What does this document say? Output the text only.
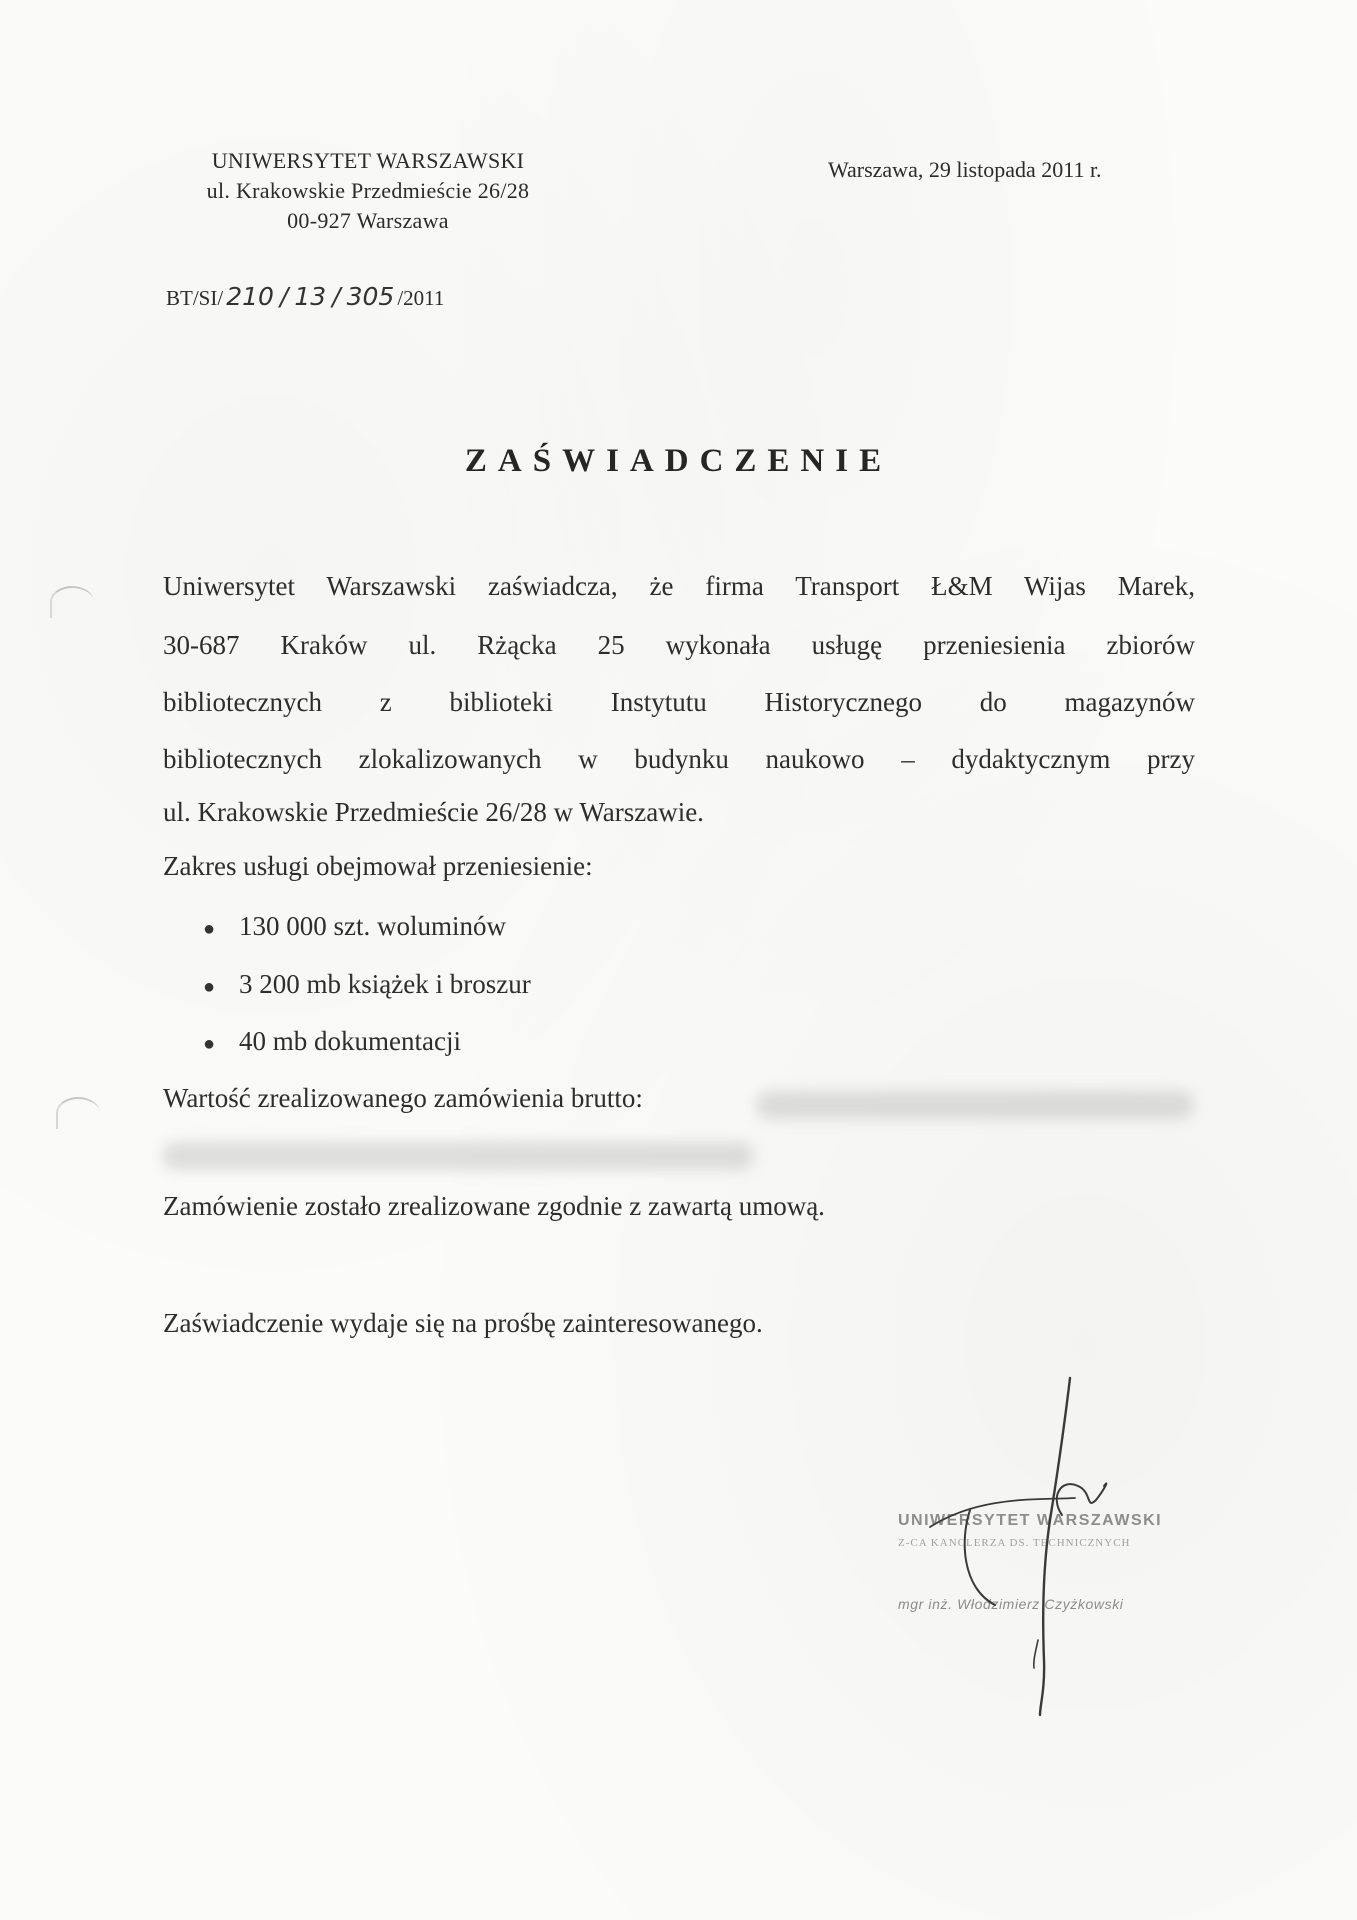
UNIWERSYTET WARSZAWSKI
ul. Krakowskie Przedmieście 26/28
00-927 Warszawa
Warszawa, 29 listopada 2011 r.
BT/SI/ 210 / 13 / 305 /2011
ZAŚWIADCZENIE
Uniwersytet Warszawski zaświadcza, że firma Transport Ł&M Wijas Marek,
30-687 Kraków ul. Rżącka 25 wykonała usługę przeniesienia zbiorów
bibliotecznych z biblioteki Instytutu Historycznego do magazynów
bibliotecznych zlokalizowanych w budynku naukowo – dydaktycznym przy
ul. Krakowskie Przedmieście 26/28 w Warszawie.
Zakres usługi obejmował przeniesienie:
● 130 000 szt. woluminów
● 3 200 mb książek i broszur
● 40 mb dokumentacji
Wartość zrealizowanego zamówienia brutto:
Zamówienie zostało zrealizowane zgodnie z zawartą umową.
Zaświadczenie wydaje się na prośbę zainteresowanego.
UNIWERSYTET WARSZAWSKI
Z-CA KANCLERZA DS. TECHNICZNYCH
mgr inż. Włodzimierz Czyżkowski
